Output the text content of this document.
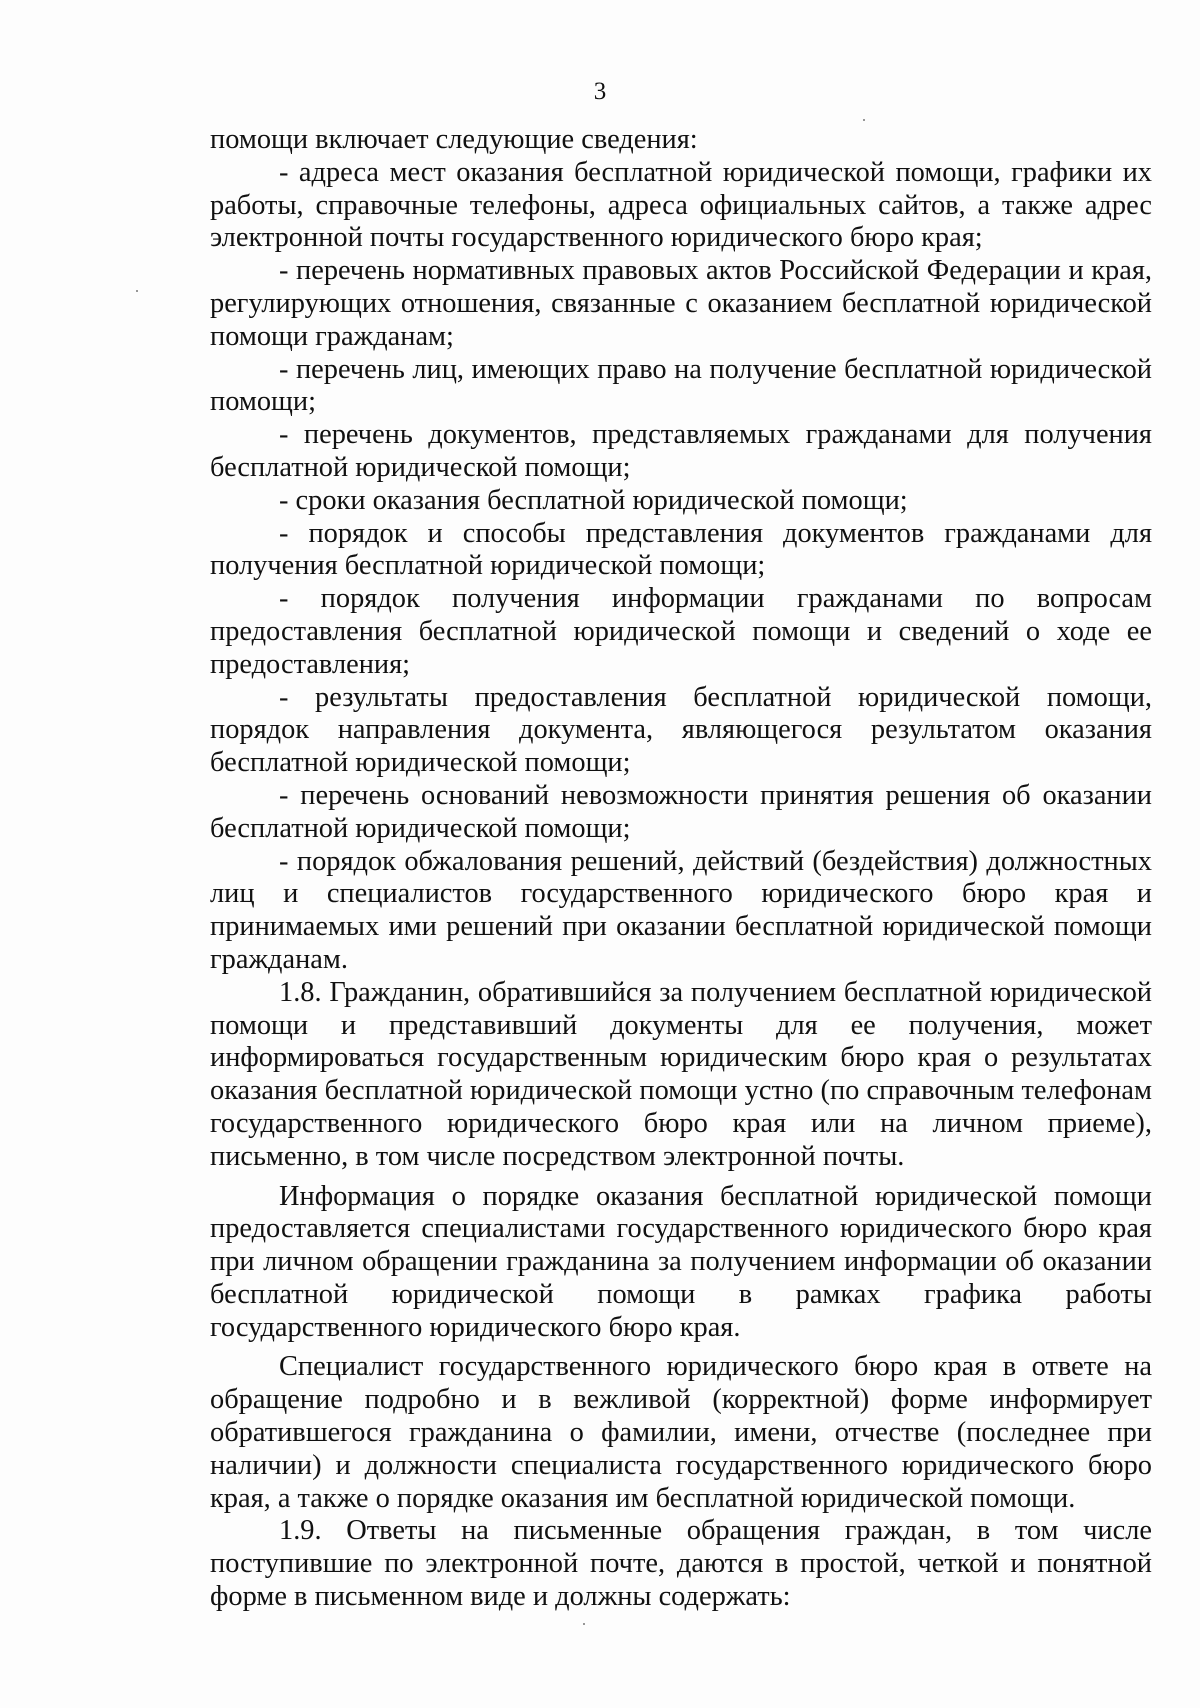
3

помощи включает следующие сведения:

- адреса мест оказания бесплатной юридической помощи, графики их работы, справочные телефоны, адреса официальных сайтов, а также адрес электронной почты государственного юридического бюро края;

- перечень нормативных правовых актов Российской Федерации и края, регулирующих отношения, связанные с оказанием бесплатной юридической помощи гражданам;

- перечень лиц, имеющих право на получение бесплатной юридической помощи;

- перечень документов, представляемых гражданами для получения бесплатной юридической помощи;

- сроки оказания бесплатной юридической помощи;

- порядок и способы представления документов гражданами для получения бесплатной юридической помощи;

- порядок получения информации гражданами по вопросам предоставления бесплатной юридической помощи и сведений о ходе ее предоставления;

- результаты предоставления бесплатной юридической помощи, порядок направления документа, являющегося результатом оказания бесплатной юридической помощи;

- перечень оснований невозможности принятия решения об оказании бесплатной юридической помощи;

- порядок обжалования решений, действий (бездействия) должностных лиц и специалистов государственного юридического бюро края и принимаемых ими решений при оказании бесплатной юридической помощи гражданам.

1.8. Гражданин, обратившийся за получением бесплатной юридической помощи и представивший документы для ее получения, может информироваться государственным юридическим бюро края о результатах оказания бесплатной юридической помощи устно (по справочным телефонам государственного юридического бюро края или на личном приеме), письменно, в том числе посредством электронной почты.

Информация о порядке оказания бесплатной юридической помощи предоставляется специалистами государственного юридического бюро края при личном обращении гражданина за получением информации об оказании бесплатной юридической помощи в рамках графика работы государственного юридического бюро края.

Специалист государственного юридического бюро края в ответе на обращение подробно и в вежливой (корректной) форме информирует обратившегося гражданина о фамилии, имени, отчестве (последнее при наличии) и должности специалиста государственного юридического бюро края, а также о порядке оказания им бесплатной юридической помощи.

1.9. Ответы на письменные обращения граждан, в том числе поступившие по электронной почте, даются в простой, четкой и понятной форме в письменном виде и должны содержать:
